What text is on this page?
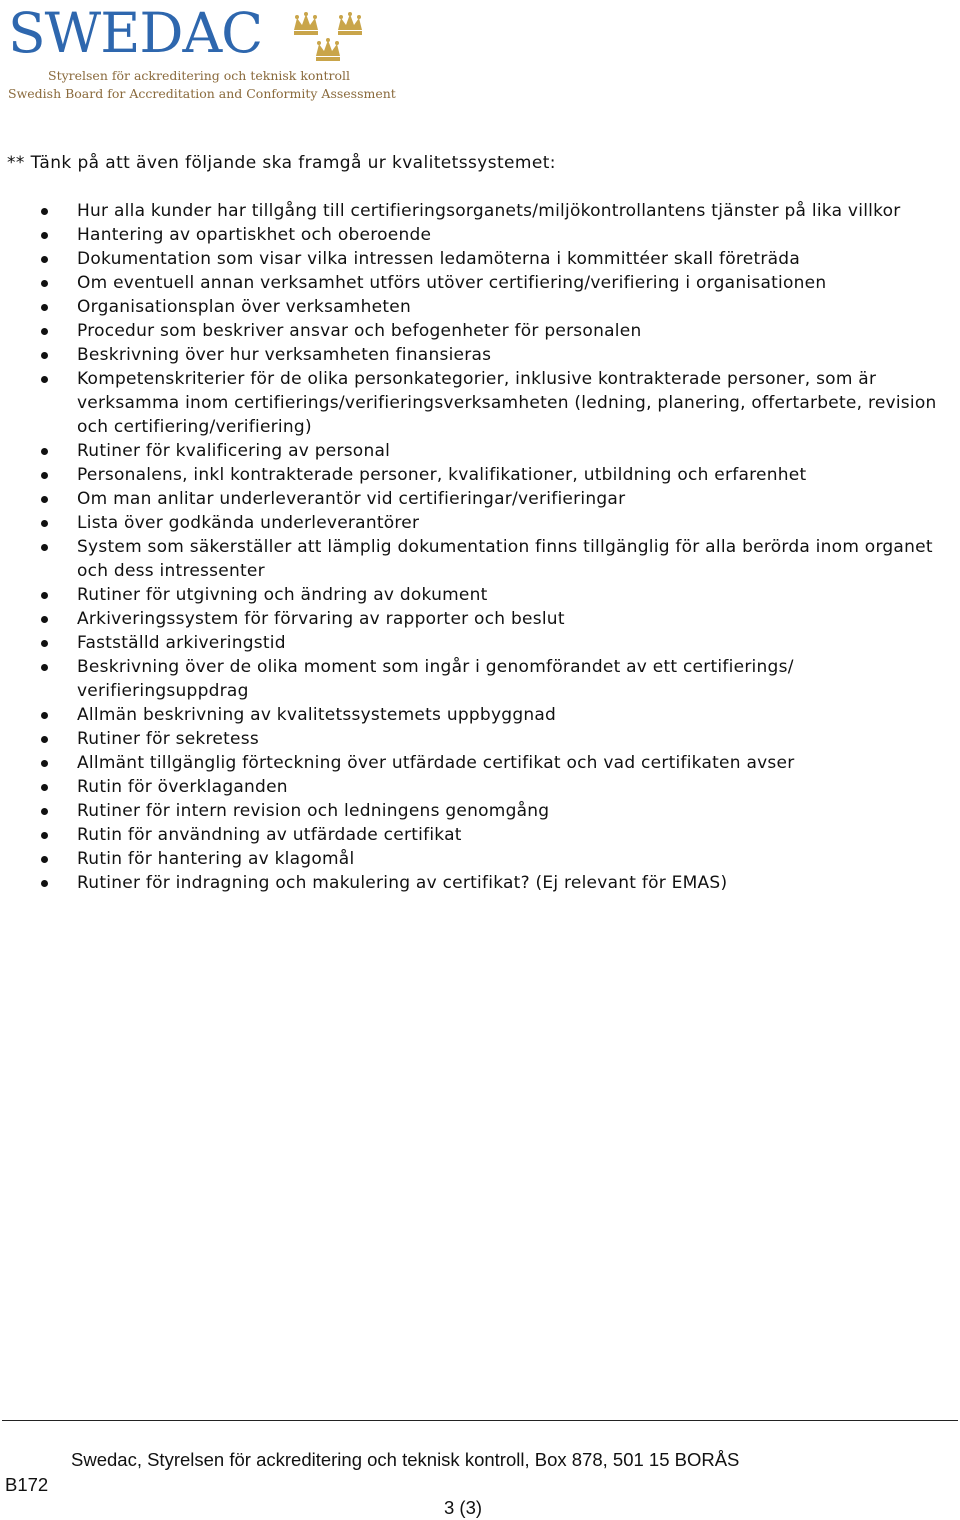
SWEDAC
Styrelsen för ackreditering och teknisk kontroll
Swedish Board for Accreditation and Conformity Assessment
** Tänk på att även följande ska framgå ur kvalitetssystemet:
Hur alla kunder har tillgång till certifieringsorganets/miljökontrollantens tjänster på lika villkor
Hantering av opartiskhet och oberoende
Dokumentation som visar vilka intressen ledamöterna i kommittéer skall företräda
Om eventuell annan verksamhet utförs utöver certifiering/verifiering i organisationen
Organisationsplan över verksamheten
Procedur som beskriver ansvar och befogenheter för personalen
Beskrivning över hur verksamheten finansieras
Kompetenskriterier för de olika personkategorier, inklusive kontrakterade personer, som är verksamma inom certifierings/verifieringsverksamheten (ledning, planering, offertarbete, revision och certifiering/verifiering)
Rutiner för kvalificering av personal
Personalens, inkl kontrakterade personer, kvalifikationer, utbildning och erfarenhet
Om man anlitar underleverantör vid certifieringar/verifieringar
Lista över godkända underleverantörer
System som säkerställer att lämplig dokumentation finns tillgänglig för alla berörda inom organet och dess intressenter
Rutiner för utgivning och ändring av dokument
Arkiveringssystem för förvaring av rapporter och beslut
Fastställd arkiveringstid
Beskrivning över de olika moment som ingår i genomförandet av ett certifierings/ verifieringsuppdrag
Allmän beskrivning av kvalitetssystemets uppbyggnad
Rutiner för sekretess
Allmänt tillgänglig förteckning över utfärdade certifikat och vad certifikaten avser
Rutin för överklaganden
Rutiner för intern revision och ledningens genomgång
Rutin för användning av utfärdade certifikat
Rutin för hantering av klagomål
Rutiner för indragning och makulering av certifikat? (Ej relevant för EMAS)
Swedac, Styrelsen för ackreditering och teknisk kontroll, Box 878, 501 15 BORÅS
B172
3 (3)
